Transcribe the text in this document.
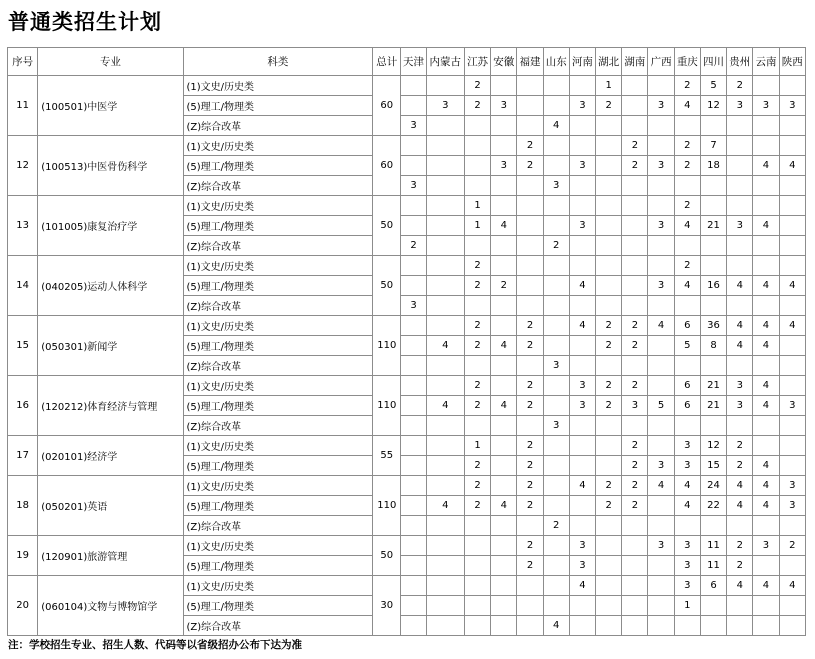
普通类招生计划
序号	专业	科类	总计	天津	内蒙古	江苏	安徽	福建	山东	河南	湖北	湖南	广西	重庆	四川	贵州	云南	陕西
11	(100501)中医学	(1)文史/历史类	60			2					1			2	5	2		
		(5)理工/物理类			3	2	3			3	2		3	4	12	3	3	3
		(Z)综合改革		3					4									
12	(100513)中医骨伤科学	(1)文史/历史类	60					2				2		2	7			
		(5)理工/物理类					3	2		3		2	3	2	18		4	4
		(Z)综合改革		3					3									
13	(101005)康复治疗学	(1)文史/历史类	50			1								2				
		(5)理工/物理类				1	4			3			3	4	21	3	4	
		(Z)综合改革		2					2									
14	(040205)运动人体科学	(1)文史/历史类	50			2								2				
		(5)理工/物理类				2	2			4			3	4	16	4	4	4
		(Z)综合改革		3														
15	(050301)新闻学	(1)文史/历史类	110			2		2		4	2	2	4	6	36	4	4	4
		(5)理工/物理类			4	2	4	2			2	2		5	8	4	4	
		(Z)综合改革							3									
16	(120212)体育经济与管理	(1)文史/历史类	110			2		2		3	2	2		6	21	3	4	
		(5)理工/物理类			4	2	4	2		3	2	3	5	6	21	3	4	3
		(Z)综合改革							3									
17	(020101)经济学	(1)文史/历史类	55			1		2				2		3	12	2		
		(5)理工/物理类				2		2				2	3	3	15	2	4	
18	(050201)英语	(1)文史/历史类	110			2		2		4	2	2	4	4	24	4	4	3
		(5)理工/物理类			4	2	4	2			2	2		4	22	4	4	3
		(Z)综合改革							2									
19	(120901)旅游管理	(1)文史/历史类	50					2		3			3	3	11	2	3	2
		(5)理工/物理类						2		3				3	11	2		
20	(060104)文物与博物馆学	(1)文史/历史类	30							4				3	6	4	4	4
		(5)理工/物理类												1				
		(Z)综合改革							4									
注：学校招生专业、招生人数、代码等以省级招办公布下达为准
